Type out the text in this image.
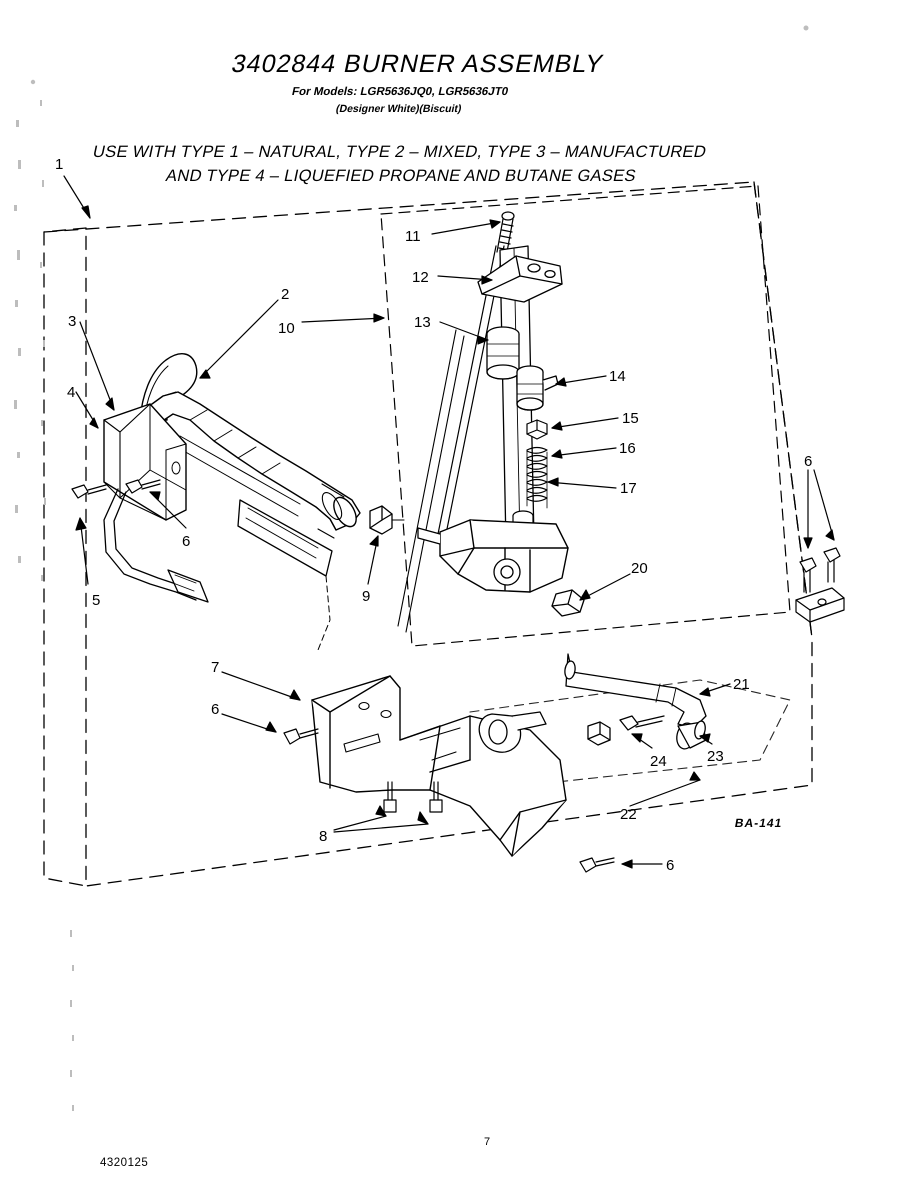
3402844 BURNER ASSEMBLY
For Models: LGR5636JQ0, LGR5636JT0
(Designer White)(Biscuit)
USE WITH TYPE 1 – NATURAL, TYPE 2 – MIXED, TYPE 3 – MANUFACTURED
AND TYPE 4 – LIQUEFIED PROPANE AND BUTANE GASES
1
2
3
4
5
6
7
6
8
9
10
11
12
13
14
15
16
17
20
21
22
23
24
6
6
BA-141
7
4320125
